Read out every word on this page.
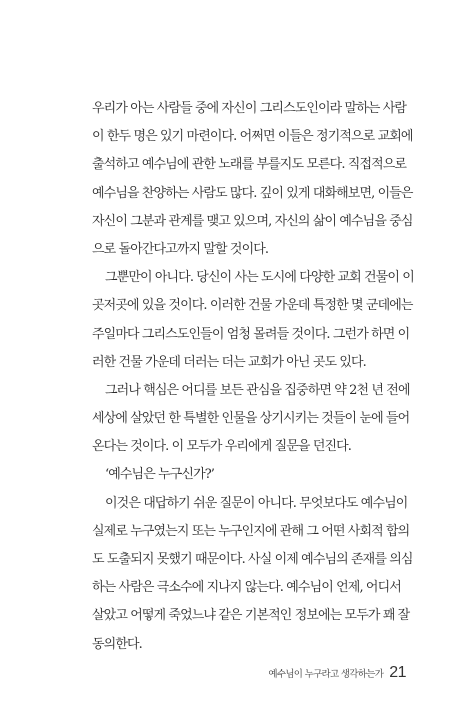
우리가 아는 사람들 중에 자신이 그리스도인이라 말하는 사람
이 한두 명은 있기 마련이다. 어쩌면 이들은 정기적으로 교회에
출석하고 예수님에 관한 노래를 부를지도 모른다. 직접적으로
예수님을 찬양하는 사람도 많다. 깊이 있게 대화해보면, 이들은
자신이 그분과 관계를 맺고 있으며, 자신의 삶이 예수님을 중심
으로 돌아간다고까지 말할 것이다.
그뿐만이 아니다. 당신이 사는 도시에 다양한 교회 건물이 이
곳저곳에 있을 것이다. 이러한 건물 가운데 특정한 몇 군데에는
주일마다 그리스도인들이 엄청 몰려들 것이다. 그런가 하면 이
러한 건물 가운데 더러는 더는 교회가 아닌 곳도 있다.
그러나 핵심은 어디를 보든 관심을 집중하면 약 2천 년 전에
세상에 살았던 한 특별한 인물을 상기시키는 것들이 눈에 들어
온다는 것이다. 이 모두가 우리에게 질문을 던진다.
‘예수님은 누구신가?’
이것은 대답하기 쉬운 질문이 아니다. 무엇보다도 예수님이
실제로 누구였는지 또는 누구인지에 관해 그 어떤 사회적 합의
도 도출되지 못했기 때문이다. 사실 이제 예수님의 존재를 의심
하는 사람은 극소수에 지나지 않는다. 예수님이 언제, 어디서
살았고 어떻게 죽었느냐 같은 기본적인 정보에는 모두가 꽤 잘
동의한다.
예수님이 누구라고 생각하는가 21
